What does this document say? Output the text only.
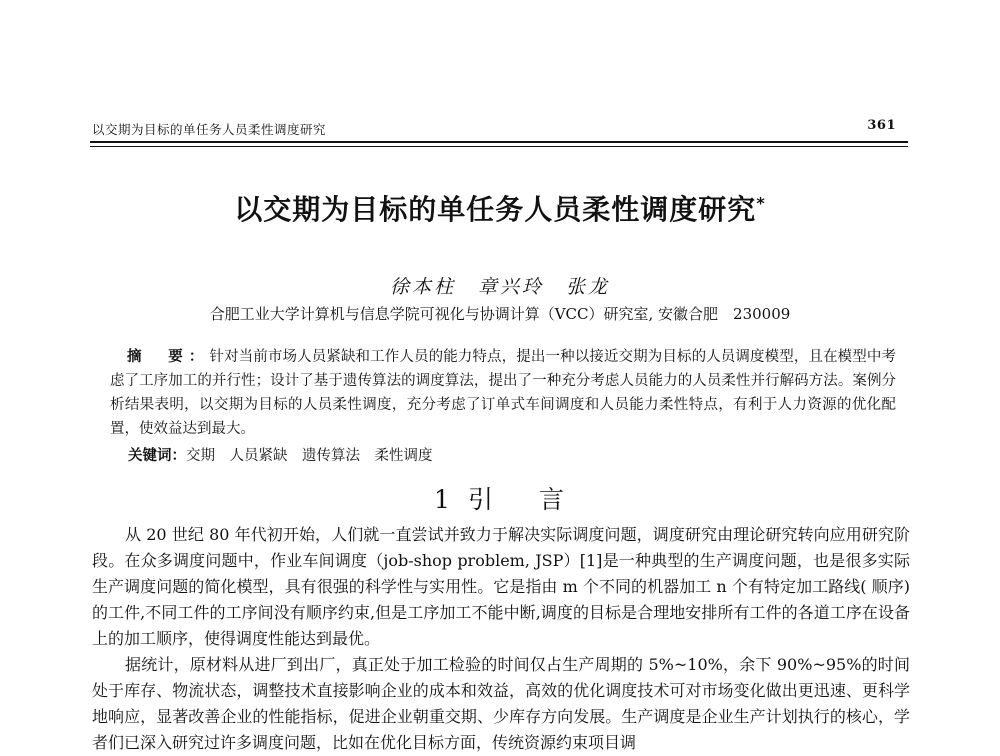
以交期为目标的单任务人员柔性调度研究	361
以交期为目标的单任务人员柔性调度研究*
徐本柱　章兴玲　张龙
合肥工业大学计算机与信息学院可视化与协调计算（VCC）研究室, 安徽合肥　230009
摘　要：针对当前市场人员紧缺和工作人员的能力特点，提出一种以接近交期为目标的人员调度模型，且在模型中考虑了工序加工的并行性；设计了基于遗传算法的调度算法，提出了一种充分考虑人员能力的人员柔性并行解码方法。案例分析结果表明，以交期为目标的人员柔性调度，充分考虑了订单式车间调度和人员能力柔性特点，有利于人力资源的优化配置，使效益达到最大。
关键词：交期　人员紧缺　遗传算法　柔性调度
1 引 言

从 20 世纪 80 年代初开始，人们就一直尝试并致力于解决实际调度问题，调度研究由理论研究转向应用研究阶段。在众多调度问题中，作业车间调度（job-shop problem, JSP）[1]是一种典型的生产调度问题，也是很多实际生产调度问题的简化模型，具有很强的科学性与实用性。它是指由 m 个不同的机器加工 n 个有特定加工路线( 顺序)的工件,不同工件的工序间没有顺序约束,但是工序加工不能中断,调度的目标是合理地安排所有工件的各道工序在设备上的加工顺序，使得调度性能达到最优。

据统计，原材料从进厂到出厂，真正处于加工检验的时间仅占生产周期的 5%~10%，余下 90%~95%的时间处于库存、物流状态，调整技术直接影响企业的成本和效益，高效的优化调度技术可对市场变化做出更迅速、更科学地响应，显著改善企业的性能指标，促进企业朝重交期、少库存方向发展。生产调度是企业生产计划执行的核心，学者们已深入研究过许多调度问题，比如在优化目标方面，传统资源约束项目调
